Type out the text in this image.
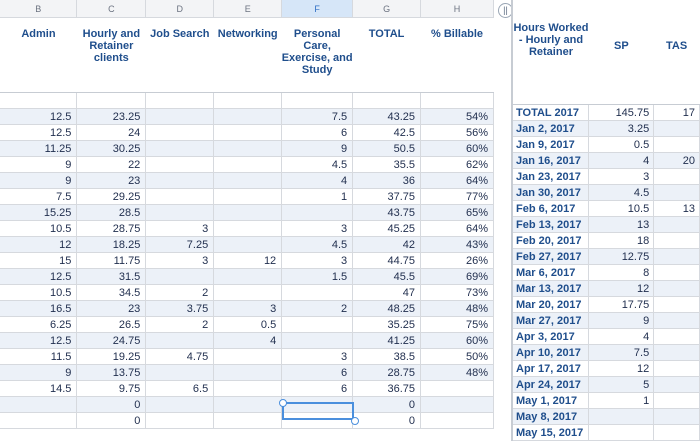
B	C	D	E	F	G	H
Admin	Hourly and Retainer clients	Job Search	Networking	Personal Care, Exercise, and Study	TOTAL	% Billable

12.5	23.25			7.5	43.25	54%
12.5	24			6	42.5	56%
11.25	30.25			9	50.5	60%
9	22			4.5	35.5	62%
9	23			4	36	64%
7.5	29.25			1	37.75	77%
15.25	28.5				43.75	65%
10.5	28.75	3		3	45.25	64%
12	18.25	7.25		4.5	42	43%
15	11.75	3	12	3	44.75	26%
12.5	31.5			1.5	45.5	69%
10.5	34.5	2			47	73%
16.5	23	3.75	3	2	48.25	48%
6.25	26.5	2	0.5		35.25	75%
12.5	24.75		4		41.25	60%
11.5	19.25	4.75		3	38.5	50%
9	13.75			6	28.75	48%
14.5	9.75	6.5		6	36.75	
	0				0	
	0				0	
||
Hours Worked - Hourly and Retainer	SP	TAS
TOTAL 2017	145.75	17
Jan 2, 2017	3.25	
Jan 9, 2017	0.5	
Jan 16, 2017	4	20
Jan 23, 2017	3	
Jan 30, 2017	4.5	
Feb 6, 2017	10.5	13
Feb 13, 2017	13	
Feb 20, 2017	18	
Feb 27, 2017	12.75	
Mar 6, 2017	8	
Mar 13, 2017	12	
Mar 20, 2017	17.75	
Mar 27, 2017	9	
Apr 3, 2017	4	
Apr 10, 2017	7.5	
Apr 17, 2017	12	
Apr 24, 2017	5	
May 1, 2017	1	
May 8, 2017		
May 15, 2017		
